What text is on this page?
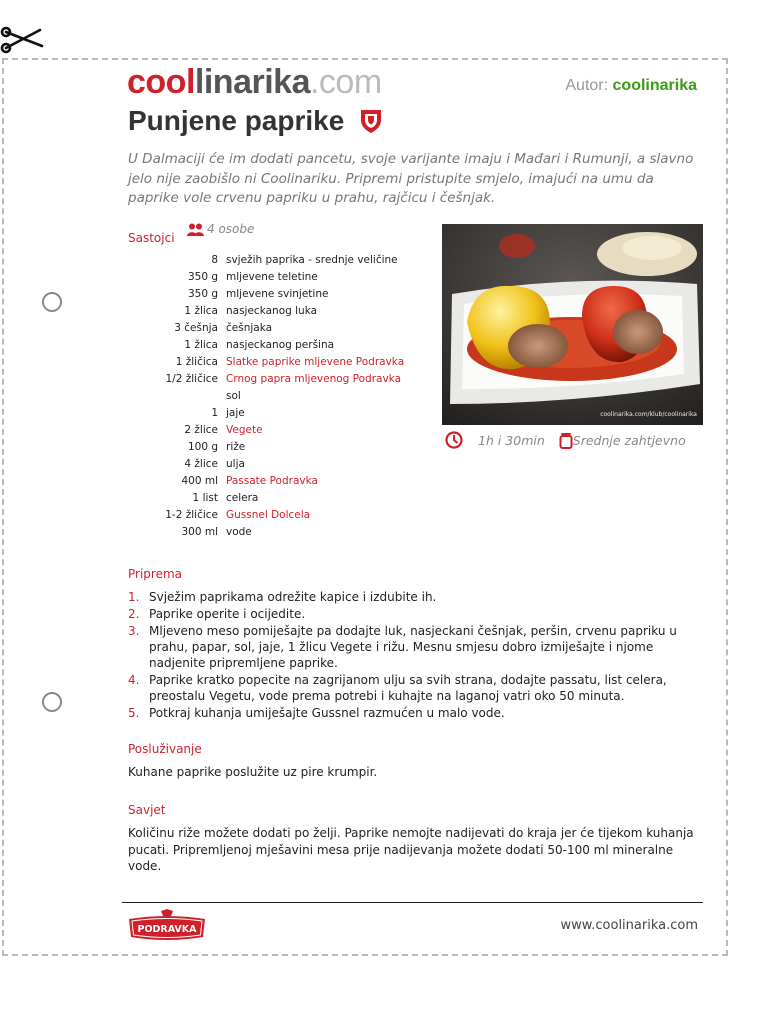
coollinarika.com	Autor: coolinarika
Punjene paprike

U Dalmaciji će im dodati pancetu, svoje varijante imaju i Mađari i Rumunji, a slavno jelo nije zaobišlo ni Coolinariku. Pripremi pristupite smjelo, imajući na umu da paprike vole crvenu papriku u prahu, rajčicu i češnjak.

Sastojci

4 osobe
8 svježih paprika - srednje veličine
350 g mljevene teletine
350 g mljevene svinjetine
1 žlica nasjeckanog luka
3 češnja češnjaka
1 žlica nasjeckanog peršina
1 žličica Slatke paprike mljevene Podravka
1/2 žličice Crnog papra mljevenog Podravka
sol
1 jaje
2 žlice Vegete
100 g riže
4 žlice ulja
400 ml Passate Podravka
1 list celera
1-2 žličice Gussnel Dolcela
300 ml vode
coolinarika.com/klub/coolinarika
1h i 30min Srednje zahtjevno

Priprema

1. Svježim paprikama odrežite kapice i izdubite ih.
2. Paprike operite i ocijedite.
3. Mljeveno meso pomiješajte pa dodajte luk, nasjeckani češnjak, peršin, crvenu papriku u prahu, papar, sol, jaje, 1 žlicu Vegete i rižu. Mesnu smjesu dobro izmiješajte i njome nadjenite pripremljene paprike.
4. Paprike kratko popecite na zagrijanom ulju sa svih strana, dodajte passatu, list celera, preostalu Vegetu, vode prema potrebi i kuhajte na laganoj vatri oko 50 minuta.
5. Potkraj kuhanja umiješajte Gussnel razmućen u malo vode.

Posluživanje

Kuhane paprike poslužite uz pire krumpir.

Savjet

Količinu riže možete dodati po želji. Paprike nemojte nadijevati do kraja jer će tijekom kuhanja pucati. Pripremljenoj mješavini mesa prije nadijevanja možete dodati 50-100 ml mineralne vode.

PODRAVKA	www.coolinarika.com
